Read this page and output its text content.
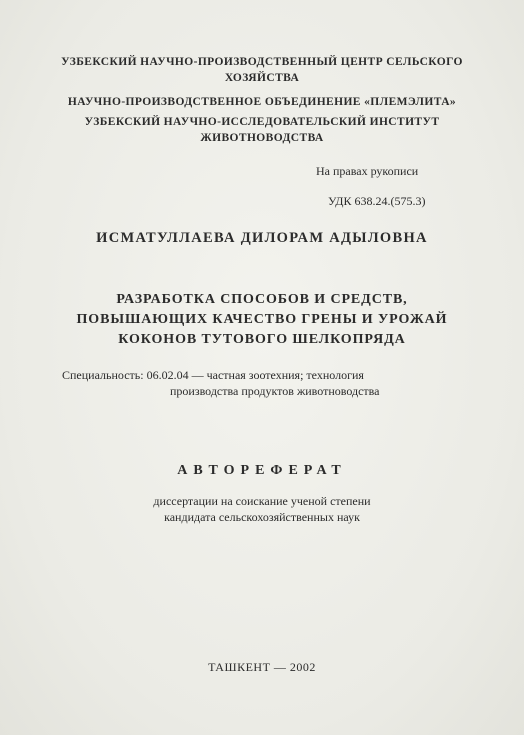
УЗБЕКСКИЙ НАУЧНО-ПРОИЗВОДСТВЕННЫЙ ЦЕНТР СЕЛЬСКОГО
ХОЗЯЙСТВА
НАУЧНО-ПРОИЗВОДСТВЕННОЕ ОБЪЕДИНЕНИЕ «ПЛЕМЭЛИТА»
УЗБЕКСКИЙ НАУЧНО-ИССЛЕДОВАТЕЛЬСКИЙ ИНСТИТУТ
ЖИВОТНОВОДСТВА
На правах рукописи
УДК 638.24.(575.3)
ИСМАТУЛЛАЕВА ДИЛОРАМ АДЫЛОВНА
РАЗРАБОТКА СПОСОБОВ И СРЕДСТВ,
ПОВЫШАЮЩИХ КАЧЕСТВО ГРЕНЫ И УРОЖАЙ
КОКОНОВ ТУТОВОГО ШЕЛКОПРЯДА
Специальность: 06.02.04 — частная зоотехния; технология
производства продуктов животноводства
АВТОРЕФЕРАТ
диссертации на соискание ученой степени
кандидата сельскохозяйственных наук
ТАШКЕНТ — 2002
